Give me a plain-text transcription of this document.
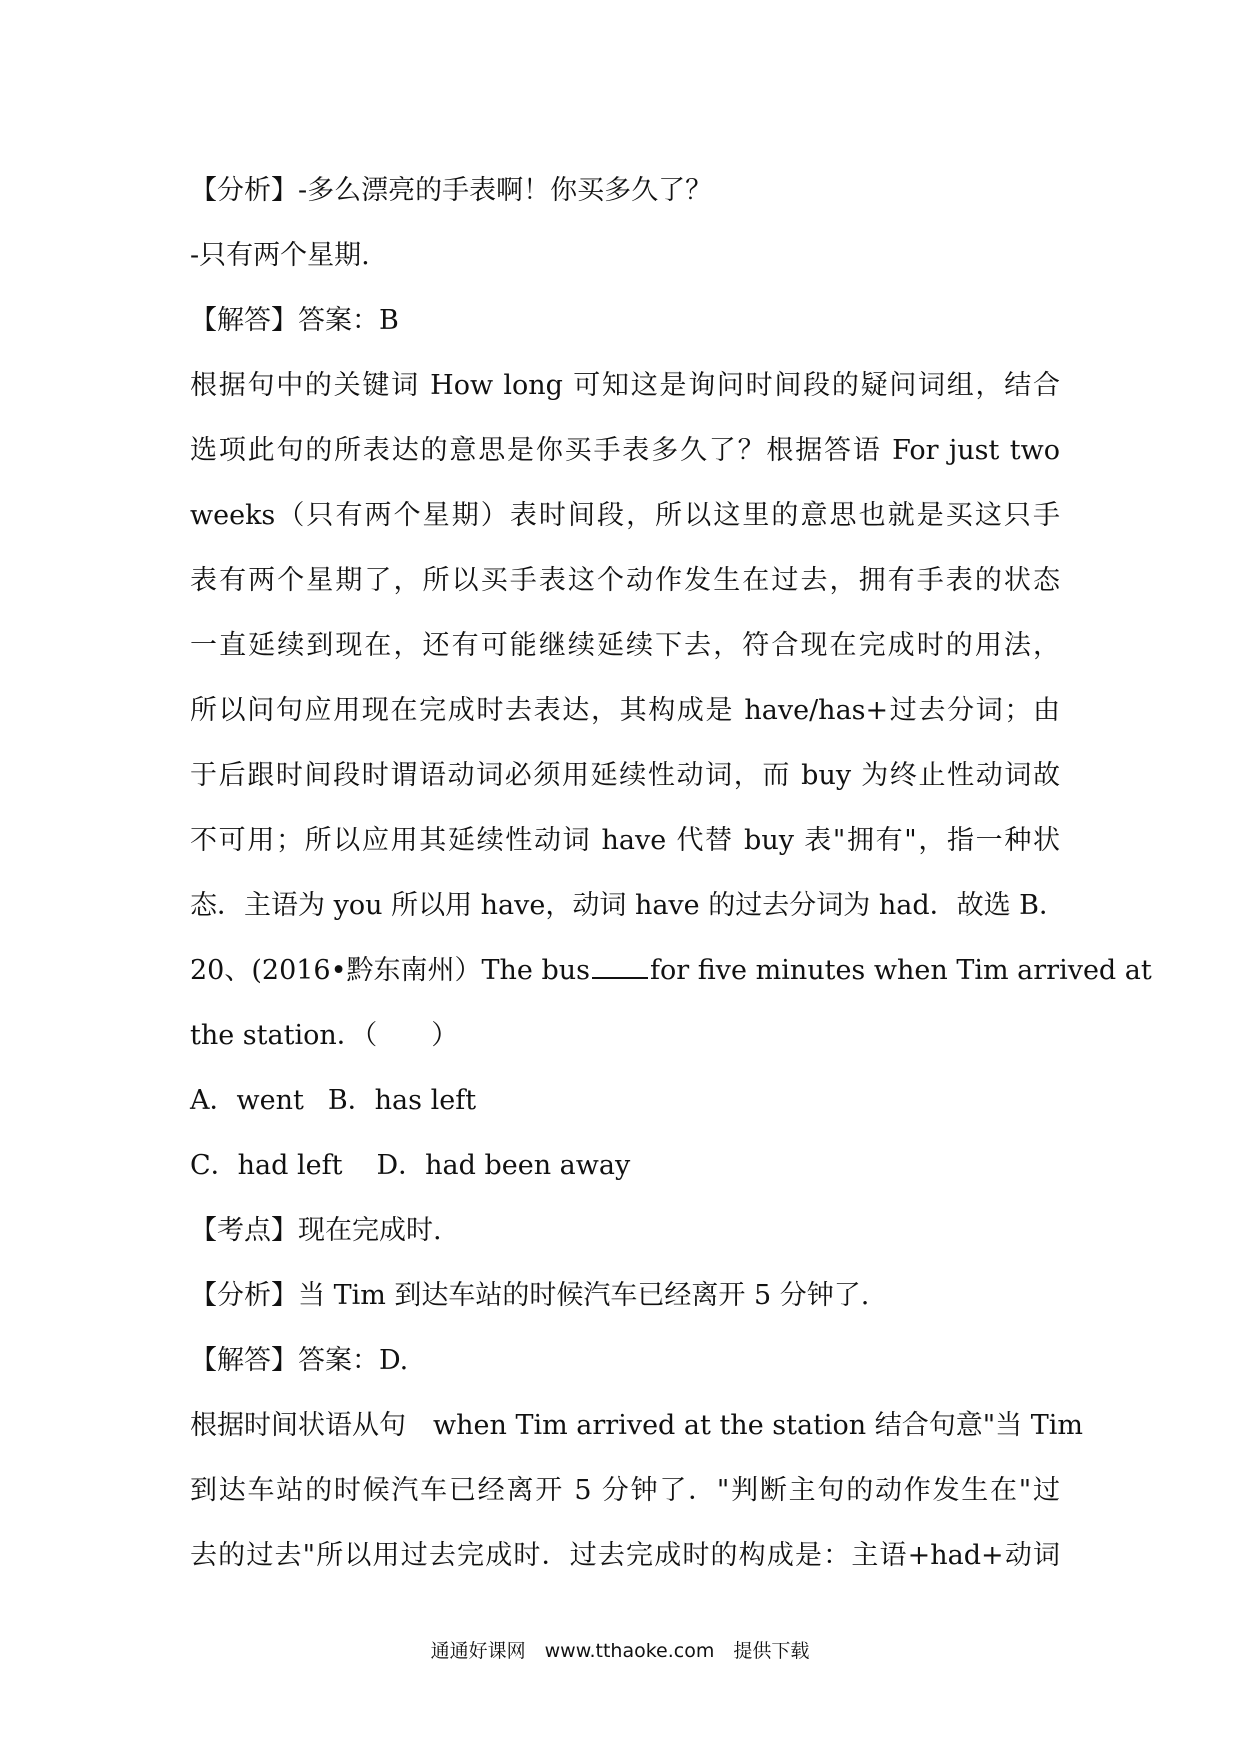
【分析】-多么漂亮的手表啊！你买多久了？
-只有两个星期.
【解答】答案：B
根据句中的关键词 How long 可知这是询问时间段的疑问词组，结合
选项此句的所表达的意思是你买手表多久了？根据答语 For just two
weeks（只有两个星期）表时间段，所以这里的意思也就是买这只手
表有两个星期了，所以买手表这个动作发生在过去，拥有手表的状态
一直延续到现在，还有可能继续延续下去，符合现在完成时的用法，
所以问句应用现在完成时去表达，其构成是 have/has+过去分词；由
于后跟时间段时谓语动词必须用延续性动词，而 buy 为终止性动词故
不可用；所以应用其延续性动词 have 代替 buy 表"拥有"，指一种状
态．主语为 you 所以用 have，动词 have 的过去分词为 had．故选 B．
20、(2016•黔东南州）The bus for five minutes when Tim arrived at
the station．（　　）
A．went B．has left
C．had left D．had been away
【考点】现在完成时.
【分析】当 Tim 到达车站的时候汽车已经离开 5 分钟了.
【解答】答案：D.
根据时间状语从句　when Tim arrived at the station 结合句意"当 Tim
到达车站的时候汽车已经离开 5 分钟了．"判断主句的动作发生在"过
去的过去"所以用过去完成时．过去完成时的构成是：主语+had+动词
通通好课网　www.tthaoke.com　提供下载
